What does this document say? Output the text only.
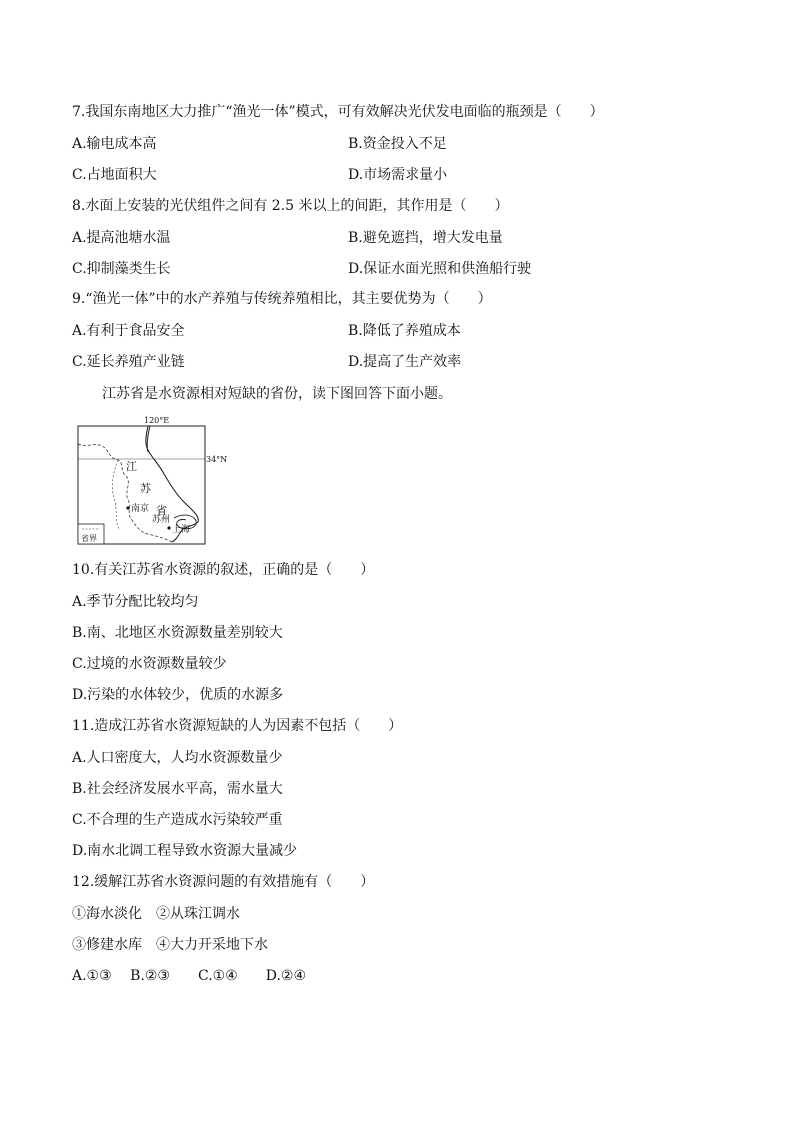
7.我国东南地区大力推广“渔光一体”模式，可有效解决光伏发电面临的瓶颈是（　　）
A.输电成本高	B.资金投入不足
C.占地面积大	D.市场需求量小
8.水面上安装的光伏组件之间有 2.5 米以上的间距，其作用是（　　）
A.提高池塘水温	B.避免遮挡，增大发电量
C.抑制藻类生长	D.保证水面光照和供渔船行驶
9.“渔光一体”中的水产养殖与传统养殖相比，其主要优势为（　　）
A.有利于食品安全	B.降低了养殖成本
C.延长养殖产业链	D.提高了生产效率
江苏省是水资源相对短缺的省份，读下图回答下面小题。
120°E
34°N
江
苏
省
南京
苏州
上海
省界
10.有关江苏省水资源的叙述，正确的是（　　）
A.季节分配比较均匀
B.南、北地区水资源数量差别较大
C.过境的水资源数量较少
D.污染的水体较少，优质的水源多
11.造成江苏省水资源短缺的人为因素不包括（　　）
A.人口密度大，人均水资源数量少
B.社会经济发展水平高，需水量大
C.不合理的生产造成水污染较严重
D.南水北调工程导致水资源大量减少
12.缓解江苏省水资源问题的有效措施有（　　）
①海水淡化　②从珠江调水
③修建水库　④大力开采地下水
A.①③　 B.②③　　C.①④　　D.②④
